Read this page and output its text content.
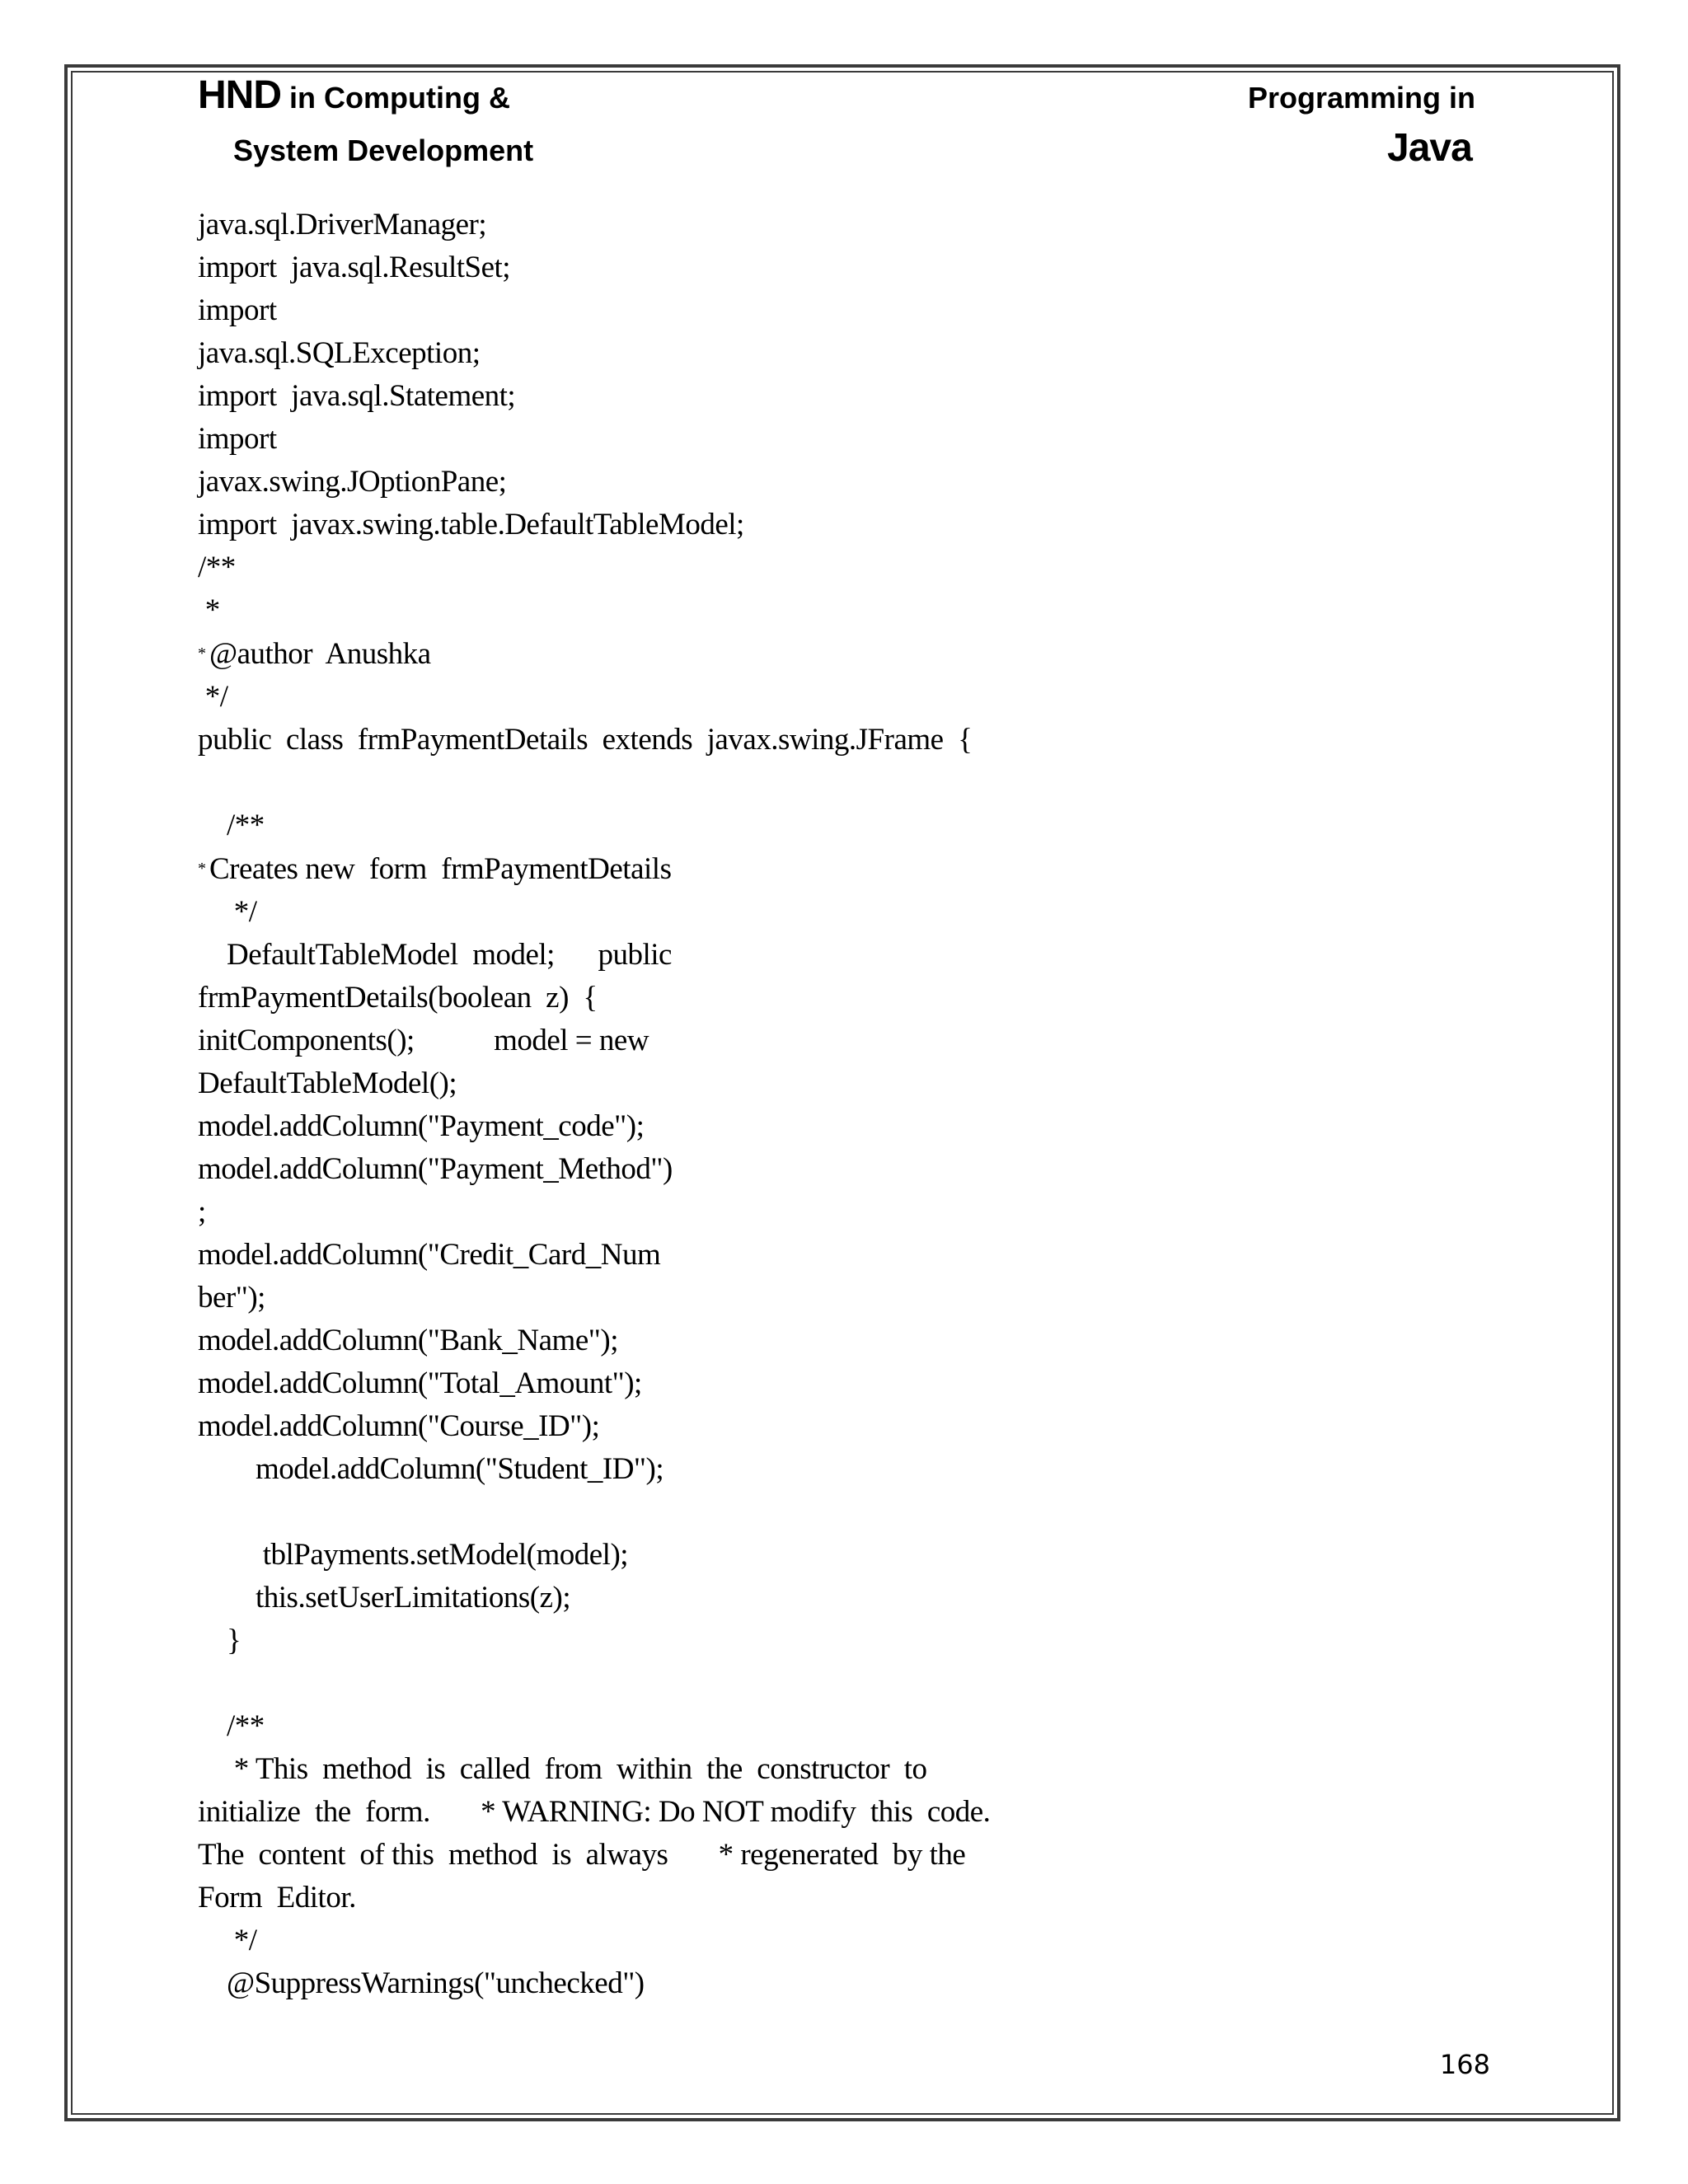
HND in Computing &
System Development
Programming in
Java
java.sql.DriverManager;
import  java.sql.ResultSet;
import
java.sql.SQLException;
import  java.sql.Statement;
import
javax.swing.JOptionPane;
import  javax.swing.table.DefaultTableModel;
/**
*
* @author  Anushka
*/
public  class  frmPaymentDetails  extends  javax.swing.JFrame  {

/**
* Creates new  form  frmPaymentDetails
*/
DefaultTableModel  model;      public
frmPaymentDetails(boolean  z)  {
initComponents();           model = new
DefaultTableModel();
model.addColumn("Payment_code");
model.addColumn("Payment_Method")
;
model.addColumn("Credit_Card_Num
ber");
model.addColumn("Bank_Name");
model.addColumn("Total_Amount");
model.addColumn("Course_ID");
model.addColumn("Student_ID");

tblPayments.setModel(model);
this.setUserLimitations(z);
}

/**
* This  method  is  called  from  within  the  constructor  to
initialize  the  form.       * WARNING: Do NOT modify  this  code.
The  content  of this  method  is  always       * regenerated  by the
Form  Editor.
*/
@SuppressWarnings("unchecked")
168
